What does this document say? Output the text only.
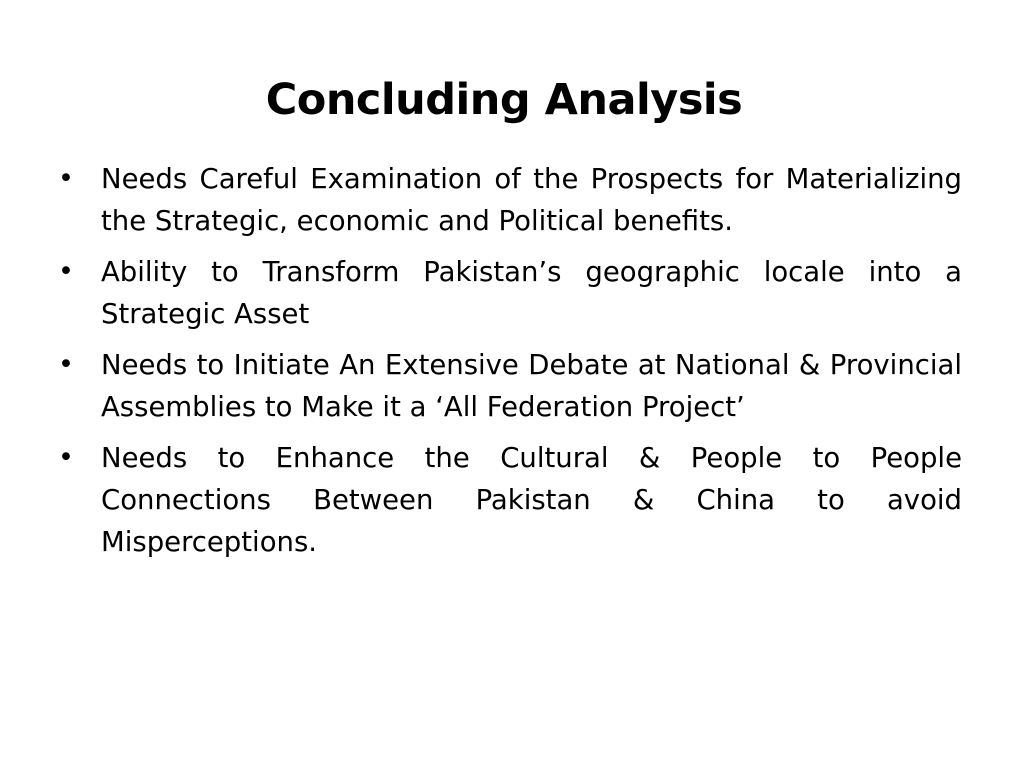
Concluding Analysis
• Needs Careful Examination of the Prospects for Materializing the Strategic, economic and Political benefits.
• Ability to Transform Pakistan’s geographic locale into a Strategic Asset
• Needs to Initiate An Extensive Debate at National & Provincial Assemblies to Make it a ‘All Federation Project’
• Needs to Enhance the Cultural & People to People Connections Between Pakistan & China to avoid Misperceptions.
